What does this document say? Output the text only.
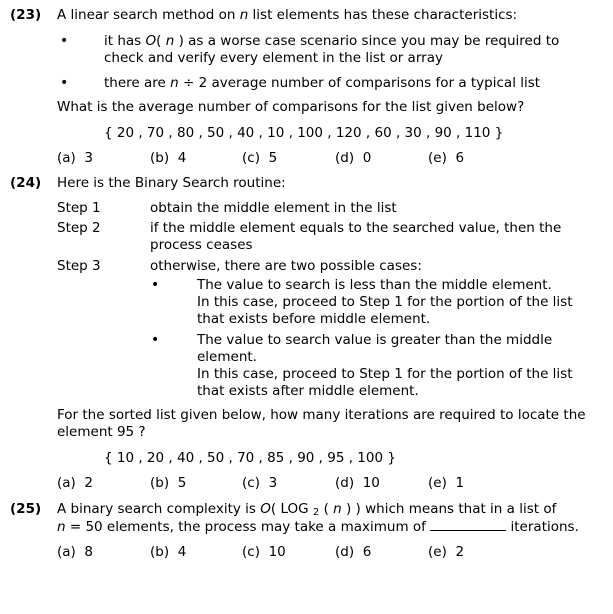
(23) A linear search method on n list elements has these characteristics:
•	it has O( n ) as a worse case scenario since you may be required to
check and verify every element in the list or array
•	there are n ÷ 2 average number of comparisons for a typical list
What is the average number of comparisons for the list given below?
{ 20 , 70 , 80 , 50 , 40 , 10 , 100 , 120 , 60 , 30 , 90 , 110 }
(a) 3	(b) 4	(c) 5	(d) 0	(e) 6
(24) Here is the Binary Search routine:
Step 1	obtain the middle element in the list
Step 2	if the middle element equals to the searched value, then the
process ceases
Step 3	otherwise, there are two possible cases:
•	The value to search is less than the middle element.
In this case, proceed to Step 1 for the portion of the list
that exists before middle element.
•	The value to search value is greater than the middle
element.
In this case, proceed to Step 1 for the portion of the list
that exists after middle element.
For the sorted list given below, how many iterations are required to locate the
element 95 ?
{ 10 , 20 , 40 , 50 , 70 , 85 , 90 , 95 , 100 }
(a) 2	(b) 5	(c) 3	(d) 10	(e) 1
(25) A binary search complexity is O( LOG $_2$ ( n ) ) which means that in a list of
n = 50 elements, the process may take a maximum of	iterations.
(a) 8	(b) 4	(c) 10	(d) 6	(e) 2
